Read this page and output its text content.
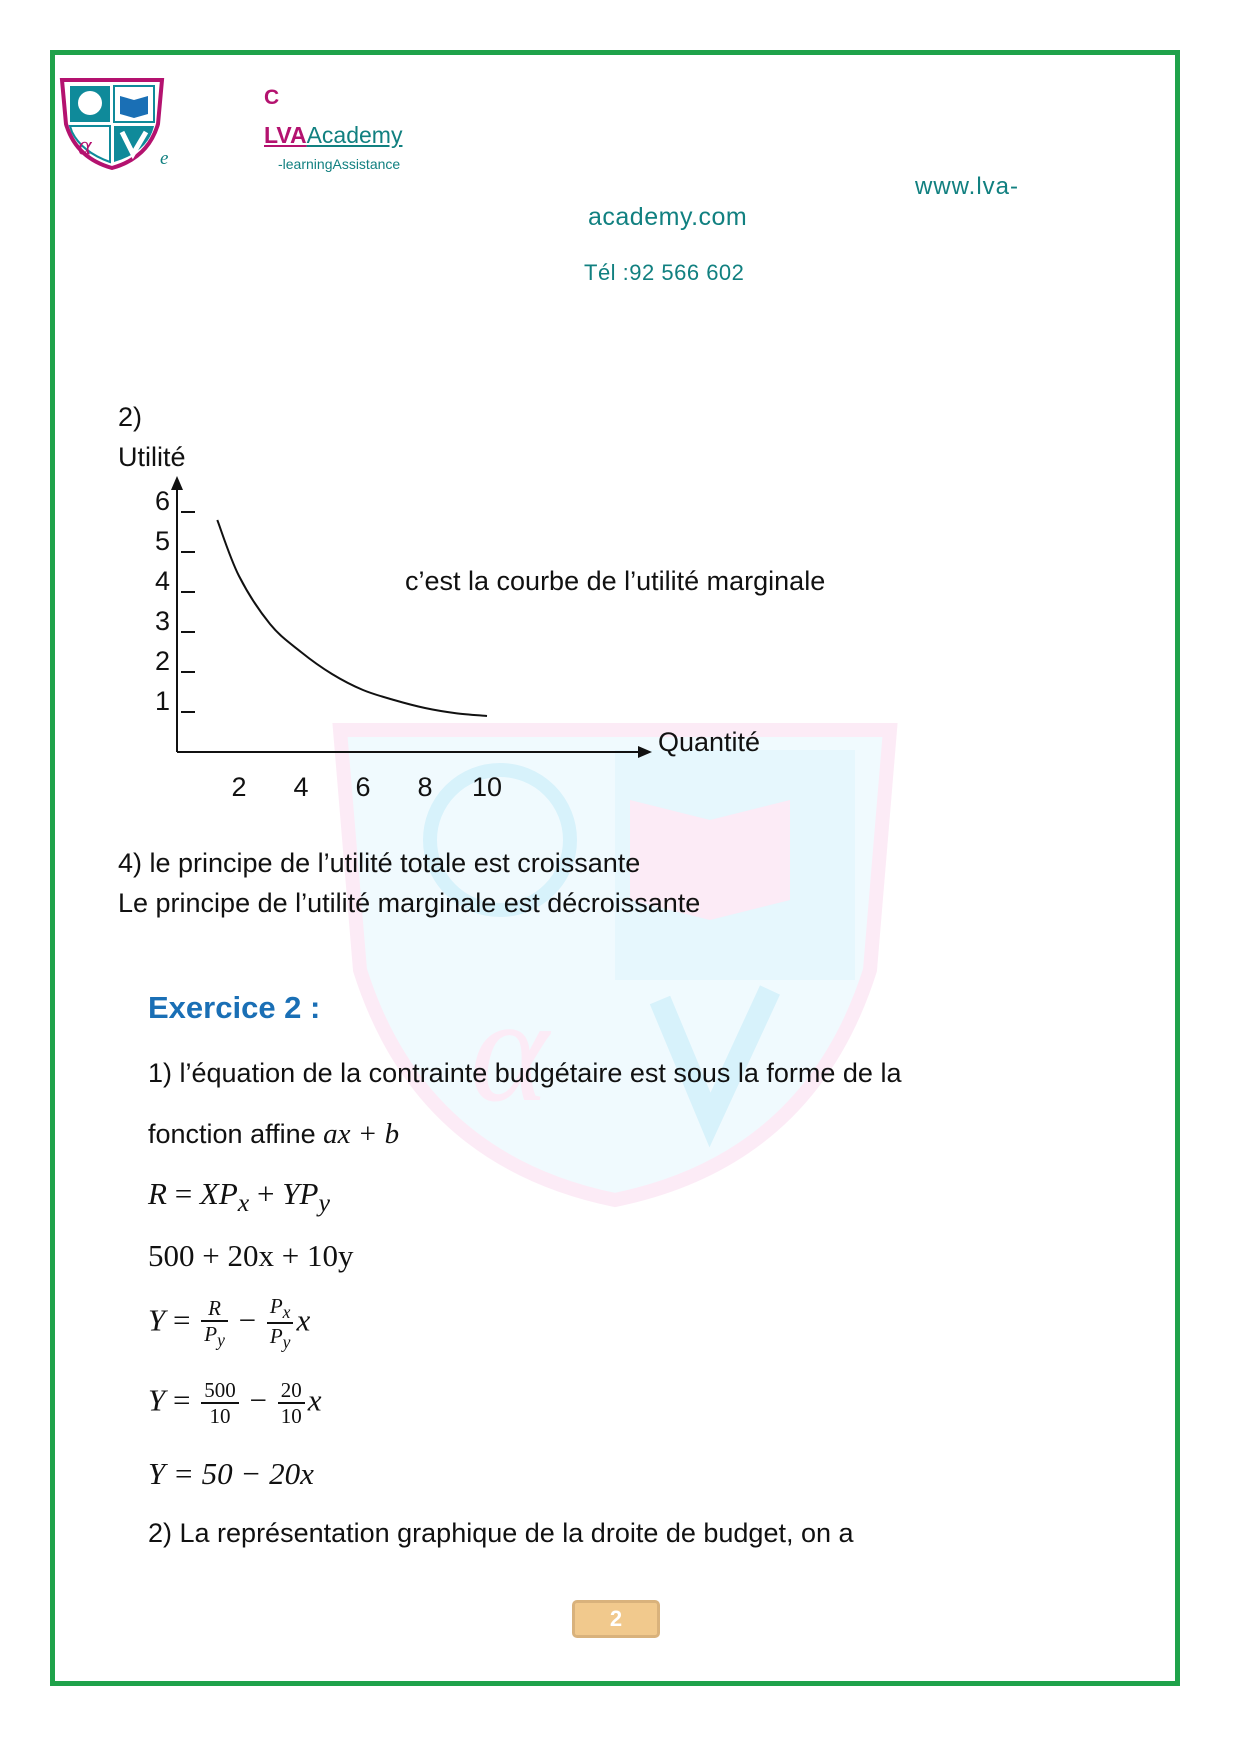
α
α
C
LVAAcademy
-learningAssistance
e
www.lva-
academy.com
Tél :92 566 602
2)
Utilité
c’est la courbe de l’utilité marginale
Quantité
1
2
3
4
5
6
2 4 6 8 10
4) le principe de l’utilité totale est croissante
Le principe de l’utilité marginale est décroissante
Exercice 2 :
1) l’équation de la contrainte budgétaire est sous la forme de la
fonction affine ax + b
$R = XP_x + YP_y$
500 + 20x + 10y
$Y = \frac{R}{P_y} - \frac{P_x}{P_y}$ x
$Y = \frac{500}{10} - \frac{20}{10}$ x
Y = 50 − 20x
2) La représentation graphique de la droite de budget, on a
2
